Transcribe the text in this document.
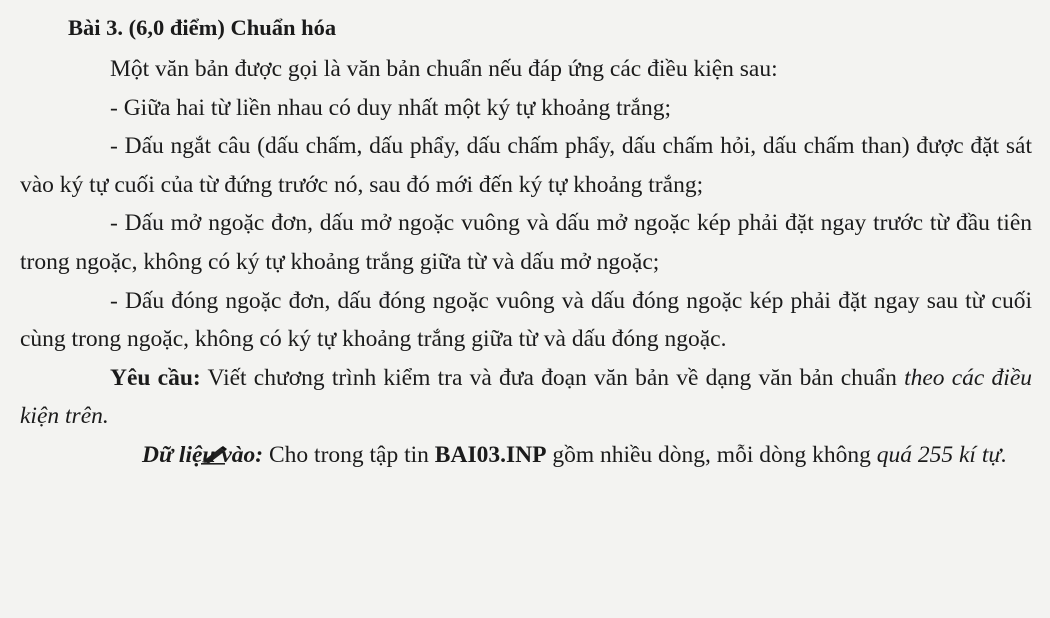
Bài 3. (6,0 điểm) Chuẩn hóa

Một văn bản được gọi là văn bản chuẩn nếu đáp ứng các điều kiện sau:

- Giữa hai từ liền nhau có duy nhất một ký tự khoảng trắng;

- Dấu ngắt câu (dấu chấm, dấu phẩy, dấu chấm phẩy, dấu chấm hỏi, dấu chấm than) được đặt sát vào ký tự cuối của từ đứng trước nó, sau đó mới đến ký tự khoảng trắng;

- Dấu mở ngoặc đơn, dấu mở ngoặc vuông và dấu mở ngoặc kép phải đặt ngay trước từ đầu tiên trong ngoặc, không có ký tự khoảng trắng giữa từ và dấu mở ngoặc;

- Dấu đóng ngoặc đơn, dấu đóng ngoặc vuông và dấu đóng ngoặc kép phải đặt ngay sau từ cuối cùng trong ngoặc, không có ký tự khoảng trắng giữa từ và dấu đóng ngoặc.

Yêu cầu: Viết chương trình kiểm tra và đưa đoạn văn bản về dạng văn bản chuẩn theo các điều kiện trên.

Dữ liệu vào: Cho trong tập tin BAI03.INP gồm nhiều dòng, mỗi dòng không quá 255 kí tự.
